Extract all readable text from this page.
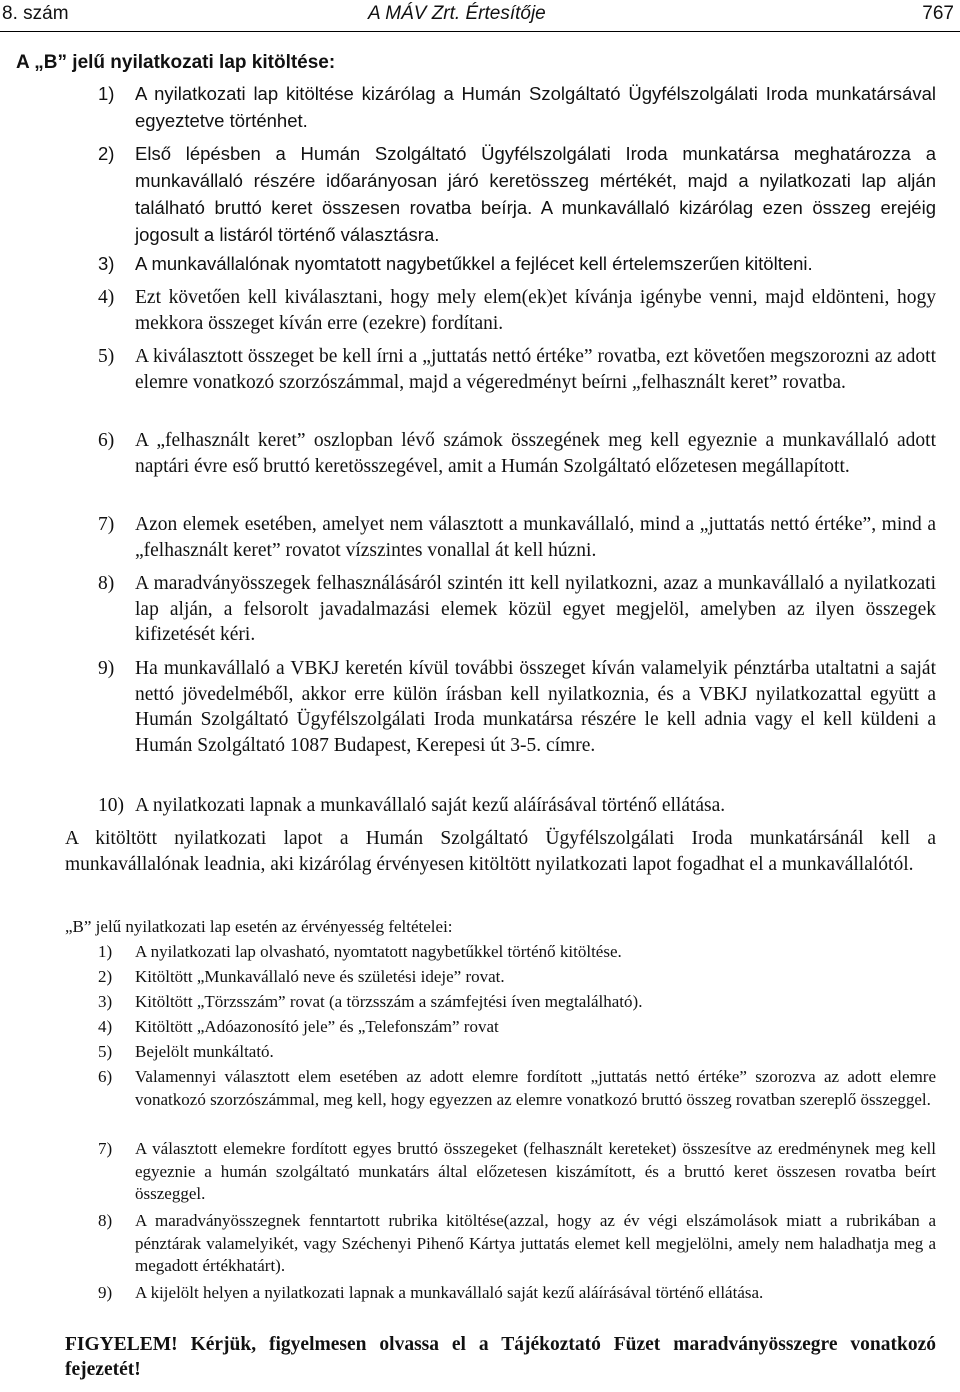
8. szám	A MÁV Zrt. Értesítője	767
A „B” jelű nyilatkozati lap kitöltése:
1) A nyilatkozati lap kitöltése kizárólag a Humán Szolgáltató Ügyfélszolgálati Iroda munkatársával egyeztetve történhet.
2) Első lépésben a Humán Szolgáltató Ügyfélszolgálati Iroda munkatársa meghatározza a munkavállaló részére időarányosan járó keretösszeg mértékét, majd a nyilatkozati lap alján található bruttó keret összesen rovatba beírja. A munkavállaló kizárólag ezen összeg erejéig jogosult a listáról történő választásra.
3) A munkavállalónak nyomtatott nagybetűkkel a fejlécet kell értelemszerűen kitölteni.
4) Ezt követően kell kiválasztani, hogy mely elem(ek)et kívánja igénybe venni, majd eldönteni, hogy mekkora összeget kíván erre (ezekre) fordítani.
5) A kiválasztott összeget be kell írni a „juttatás nettó értéke” rovatba, ezt követően megszorozni az adott elemre vonatkozó szorzószámmal, majd a végeredményt beírni „felhasznált keret” rovatba.
6) A „felhasznált keret” oszlopban lévő számok összegének meg kell egyeznie a munkavállaló adott naptári évre eső bruttó keretösszegével, amit a Humán Szolgáltató előzetesen megállapított.
7) Azon elemek esetében, amelyet nem választott a munkavállaló, mind a „juttatás nettó értéke”, mind a „felhasznált keret” rovatot vízszintes vonallal át kell húzni.
8) A maradványösszegek felhasználásáról szintén itt kell nyilatkozni, azaz a munkavállaló a nyilatkozati lap alján, a felsorolt javadalmazási elemek közül egyet megjelöl, amelyben az ilyen összegek kifizetését kéri.
9) Ha munkavállaló a VBKJ keretén kívül további összeget kíván valamelyik pénztárba utaltatni a saját nettó jövedelméből, akkor erre külön írásban kell nyilatkoznia, és a VBKJ nyilatkozattal együtt a Humán Szolgáltató Ügyfélszolgálati Iroda munkatársa részére le kell adnia vagy el kell küldeni a Humán Szolgáltató 1087 Budapest, Kerepesi út 3-5. címre.
10) A nyilatkozati lapnak a munkavállaló saját kezű aláírásával történő ellátása.
A kitöltött nyilatkozati lapot a Humán Szolgáltató Ügyfélszolgálati Iroda munkatársánál kell a munkavállalónak leadnia, aki kizárólag érvényesen kitöltött nyilatkozati lapot fogadhat el a munkavállalótól.
„B” jelű nyilatkozati lap esetén az érvényesség feltételei:
1) A nyilatkozati lap olvasható, nyomtatott nagybetűkkel történő kitöltése.
2) Kitöltött „Munkavállaló neve és születési ideje” rovat.
3) Kitöltött „Törzsszám” rovat (a törzsszám a számfejtési íven megtalálható).
4) Kitöltött „Adóazonosító jele” és „Telefonszám” rovat
5) Bejelölt munkáltató.
6) Valamennyi választott elem esetében az adott elemre fordított „juttatás nettó értéke” szorozva az adott elemre vonatkozó szorzószámmal, meg kell, hogy egyezzen az elemre vonatkozó bruttó összeg rovatban szereplő összeggel.
7) A választott elemekre fordított egyes bruttó összegeket (felhasznált kereteket) összesítve az eredménynek meg kell egyeznie a humán szolgáltató munkatárs által előzetesen kiszámított, és a bruttó keret összesen rovatba beírt összeggel.
8) A maradványösszegnek fenntartott rubrika kitöltése(azzal, hogy az év végi elszámolások miatt a rubrikában a pénztárak valamelyikét, vagy Széchenyi Pihenő Kártya juttatás elemet kell megjelölni, amely nem haladhatja meg a megadott értékhatárt).
9) A kijelölt helyen a nyilatkozati lapnak a munkavállaló saját kezű aláírásával történő ellátása.
FIGYELEM! Kérjük, figyelmesen olvassa el a Tájékoztató Füzet maradványösszegre vonatkozó fejezetét!
